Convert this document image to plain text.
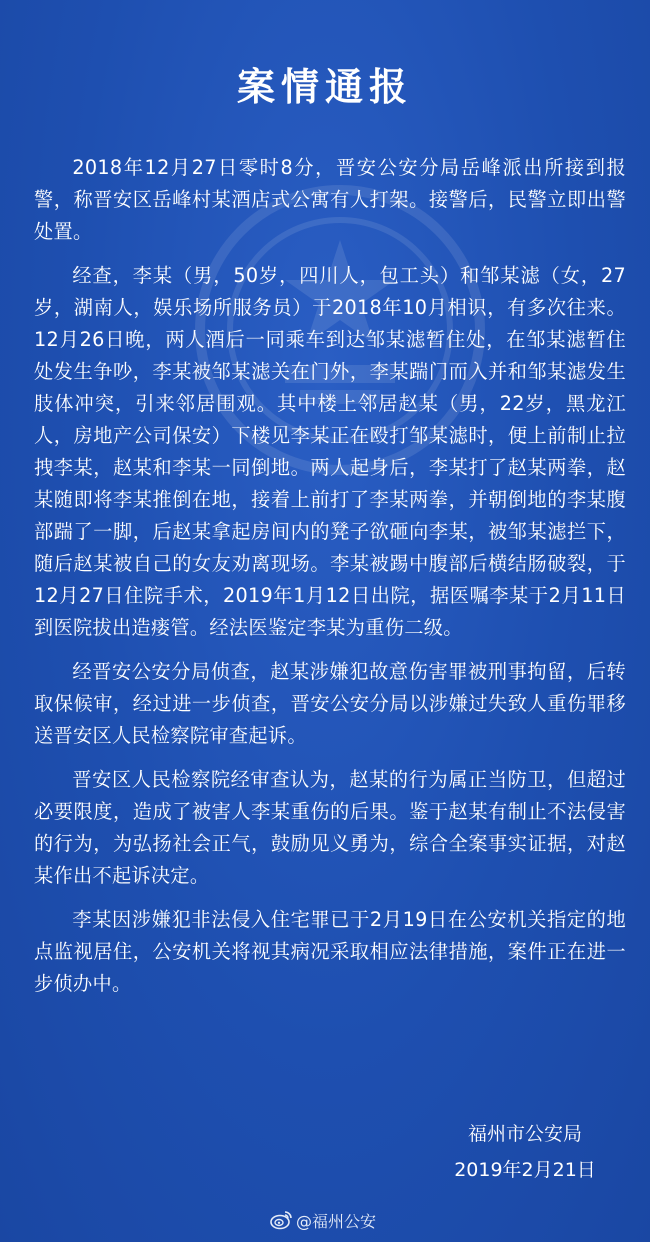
案情通报

2018年12月27日零时8分，晋安公安分局岳峰派出所接到报警，称晋安区岳峰村某酒店式公寓有人打架。接警后，民警立即出警处置。

经查，李某（男，50岁，四川人，包工头）和邹某滤（女，27岁，湖南人，娱乐场所服务员）于2018年10月相识，有多次往来。12月26日晚，两人酒后一同乘车到达邹某滤暂住处，在邹某滤暂住处发生争吵，李某被邹某滤关在门外，李某踹门而入并和邹某滤发生肢体冲突，引来邻居围观。其中楼上邻居赵某（男，22岁，黑龙江人，房地产公司保安）下楼见李某正在殴打邹某滤时，便上前制止拉拽李某，赵某和李某一同倒地。两人起身后，李某打了赵某两拳，赵某随即将李某推倒在地，接着上前打了李某两拳，并朝倒地的李某腹部踹了一脚，后赵某拿起房间内的凳子欲砸向李某，被邹某滤拦下，随后赵某被自己的女友劝离现场。李某被踢中腹部后横结肠破裂，于12月27日住院手术，2019年1月12日出院，据医嘱李某于2月11日到医院拔出造瘘管。经法医鉴定李某为重伤二级。

经晋安公安分局侦查，赵某涉嫌犯故意伤害罪被刑事拘留，后转取保候审，经过进一步侦查，晋安公安分局以涉嫌过失致人重伤罪移送晋安区人民检察院审查起诉。

晋安区人民检察院经审查认为，赵某的行为属正当防卫，但超过必要限度，造成了被害人李某重伤的后果。鉴于赵某有制止不法侵害的行为，为弘扬社会正气，鼓励见义勇为，综合全案事实证据，对赵某作出不起诉决定。

李某因涉嫌犯非法侵入住宅罪已于2月19日在公安机关指定的地点监视居住，公安机关将视其病况采取相应法律措施，案件正在进一步侦办中。

福州市公安局
2019年2月21日
@福州公安
